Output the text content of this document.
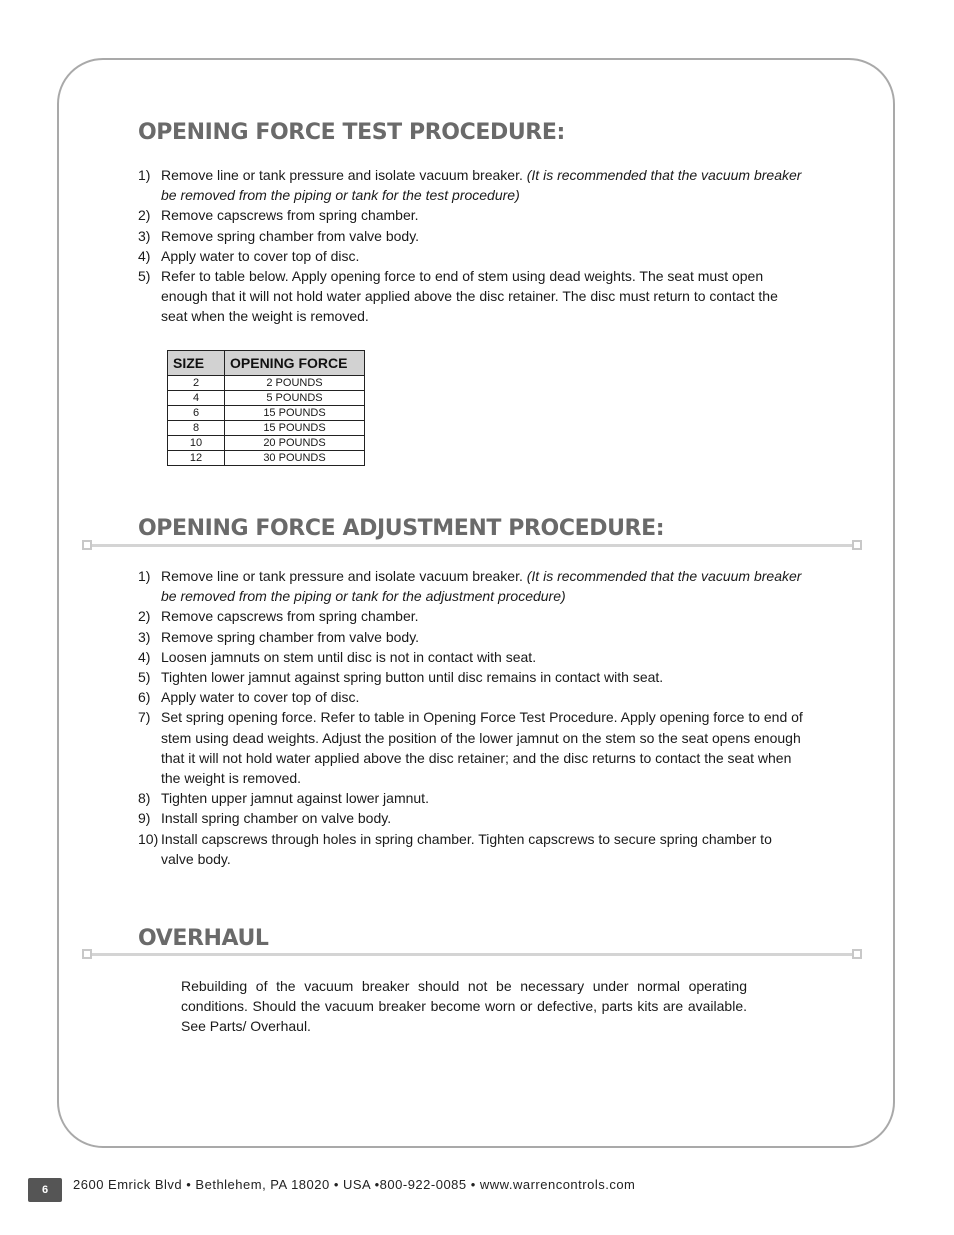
OPENING FORCE TEST PROCEDURE:
1) Remove line or tank pressure and isolate vacuum breaker. (It is recommended that the vacuum breaker be removed from the piping or tank for the test procedure)
2) Remove capscrews from spring chamber.
3) Remove spring chamber from valve body.
4) Apply water to cover top of disc.
5) Refer to table below. Apply opening force to end of stem using dead weights. The seat must open enough that it will not hold water applied above the disc retainer. The disc must return to contact the seat when the weight is removed.
SIZE	OPENING FORCE
2	2 POUNDS
4	5 POUNDS
6	15 POUNDS
8	15 POUNDS
10	20 POUNDS
12	30 POUNDS
OPENING FORCE ADJUSTMENT PROCEDURE:
1) Remove line or tank pressure and isolate vacuum breaker. (It is recommended that the vacuum breaker be removed from the piping or tank for the adjustment procedure)
2) Remove capscrews from spring chamber.
3) Remove spring chamber from valve body.
4) Loosen jamnuts on stem until disc is not in contact with seat.
5) Tighten lower jamnut against spring button until disc remains in contact with seat.
6) Apply water to cover top of disc.
7) Set spring opening force. Refer to table in Opening Force Test Procedure. Apply opening force to end of stem using dead weights. Adjust the position of the lower jamnut on the stem so the seat opens enough that it will not hold water applied above the disc retainer; and the disc returns to contact the seat when the weight is removed.
8) Tighten upper jamnut against lower jamnut.
9) Install spring chamber on valve body.
10) Install capscrews through holes in spring chamber. Tighten capscrews to secure spring chamber to valve body.
OVERHAUL

Rebuilding of the vacuum breaker should not be necessary under normal operating conditions. Should the vacuum breaker become worn or defective, parts kits are available. See Parts/ Overhaul.

6	2600 Emrick Blvd • Bethlehem, PA 18020 • USA •800-922-0085 • www.warrencontrols.com
